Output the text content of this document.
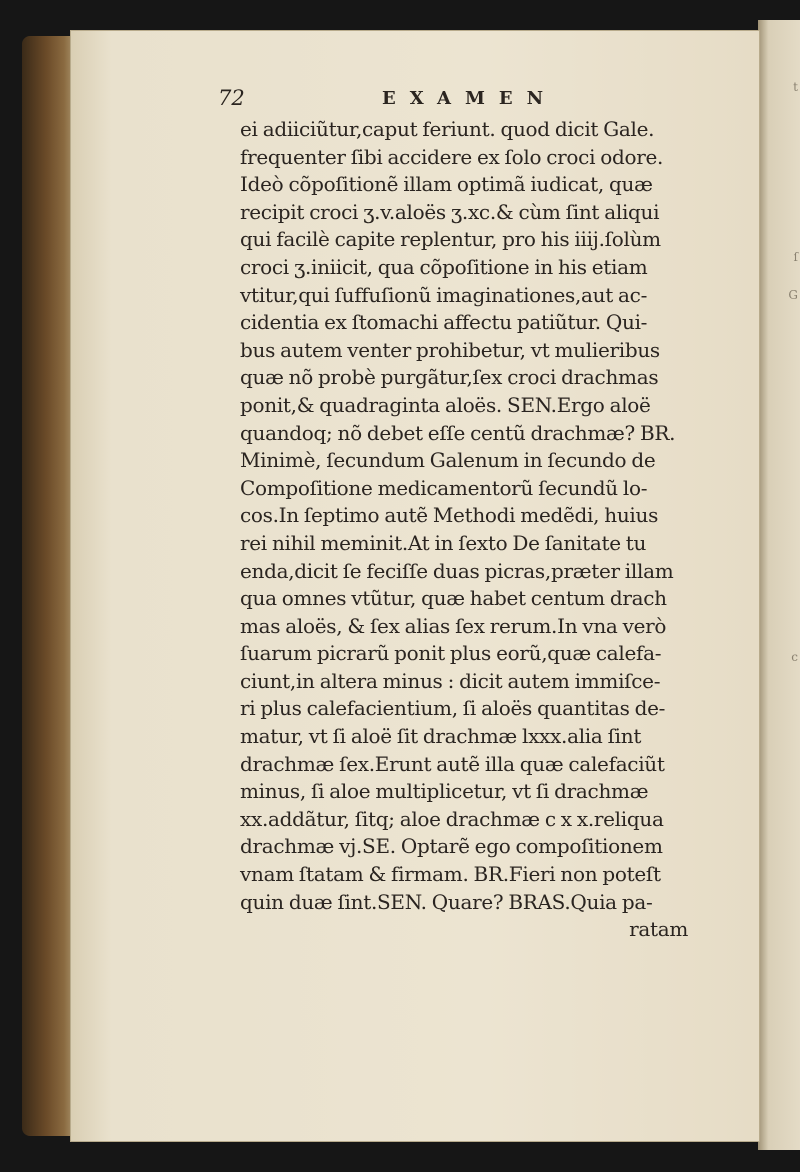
t
ſ
G
c
72	EXAMEN
ei adiiciũtur,caput feriunt. quod dicit Gale.
frequenter ſibi accidere ex ſolo croci odore.
Ideò cõpoſitionẽ illam optimã iudicat, quæ
recipit croci ʒ.v.aloës ʒ.xc.& cùm ſint aliqui
qui facilè capite replentur, pro his iiij.ſolùm
croci ʒ.iniicit, qua cõpoſitione in his etiam
vtitur,qui ſuffuſionũ imaginationes,aut ac-
cidentia ex ſtomachi affectu patiũtur. Qui-
bus autem venter prohibetur, vt mulieribus
quæ nõ probè purgãtur,ſex croci drachmas
ponit,& quadraginta aloës. SEN.Ergo aloë
quandoq; nõ debet eſſe centũ drachmæ? BR.
Minimè, ſecundum Galenum in ſecundo de
Compoſitione medicamentorũ ſecundũ lo-
cos.In ſeptimo autẽ Methodi medẽdi, huius
rei nihil meminit.At in ſexto De ſanitate tu
enda,dicit ſe feciſſe duas picras,præter illam
qua omnes vtũtur, quæ habet centum drach
mas aloës, & ſex alias ſex rerum.In vna verò
ſuarum picrarũ ponit plus eorũ,quæ calefa-
ciunt,in altera minus : dicit autem immiſce-
ri plus calefacientium, ſi aloës quantitas de-
matur, vt ſi aloë ſit drachmæ lxxx.alia ſint
drachmæ ſex.Erunt autẽ illa quæ calefaciũt
minus, ſi aloe multiplicetur, vt ſi drachmæ
xx.addãtur, ſitq; aloe drachmæ c x x.reliqua
drachmæ vj.SE. Optarẽ ego compoſitionem
vnam ſtatam & firmam. BR.Fieri non poteſt
quin duæ ſint.SEN. Quare? BRAS.Quia pa-
ratam
